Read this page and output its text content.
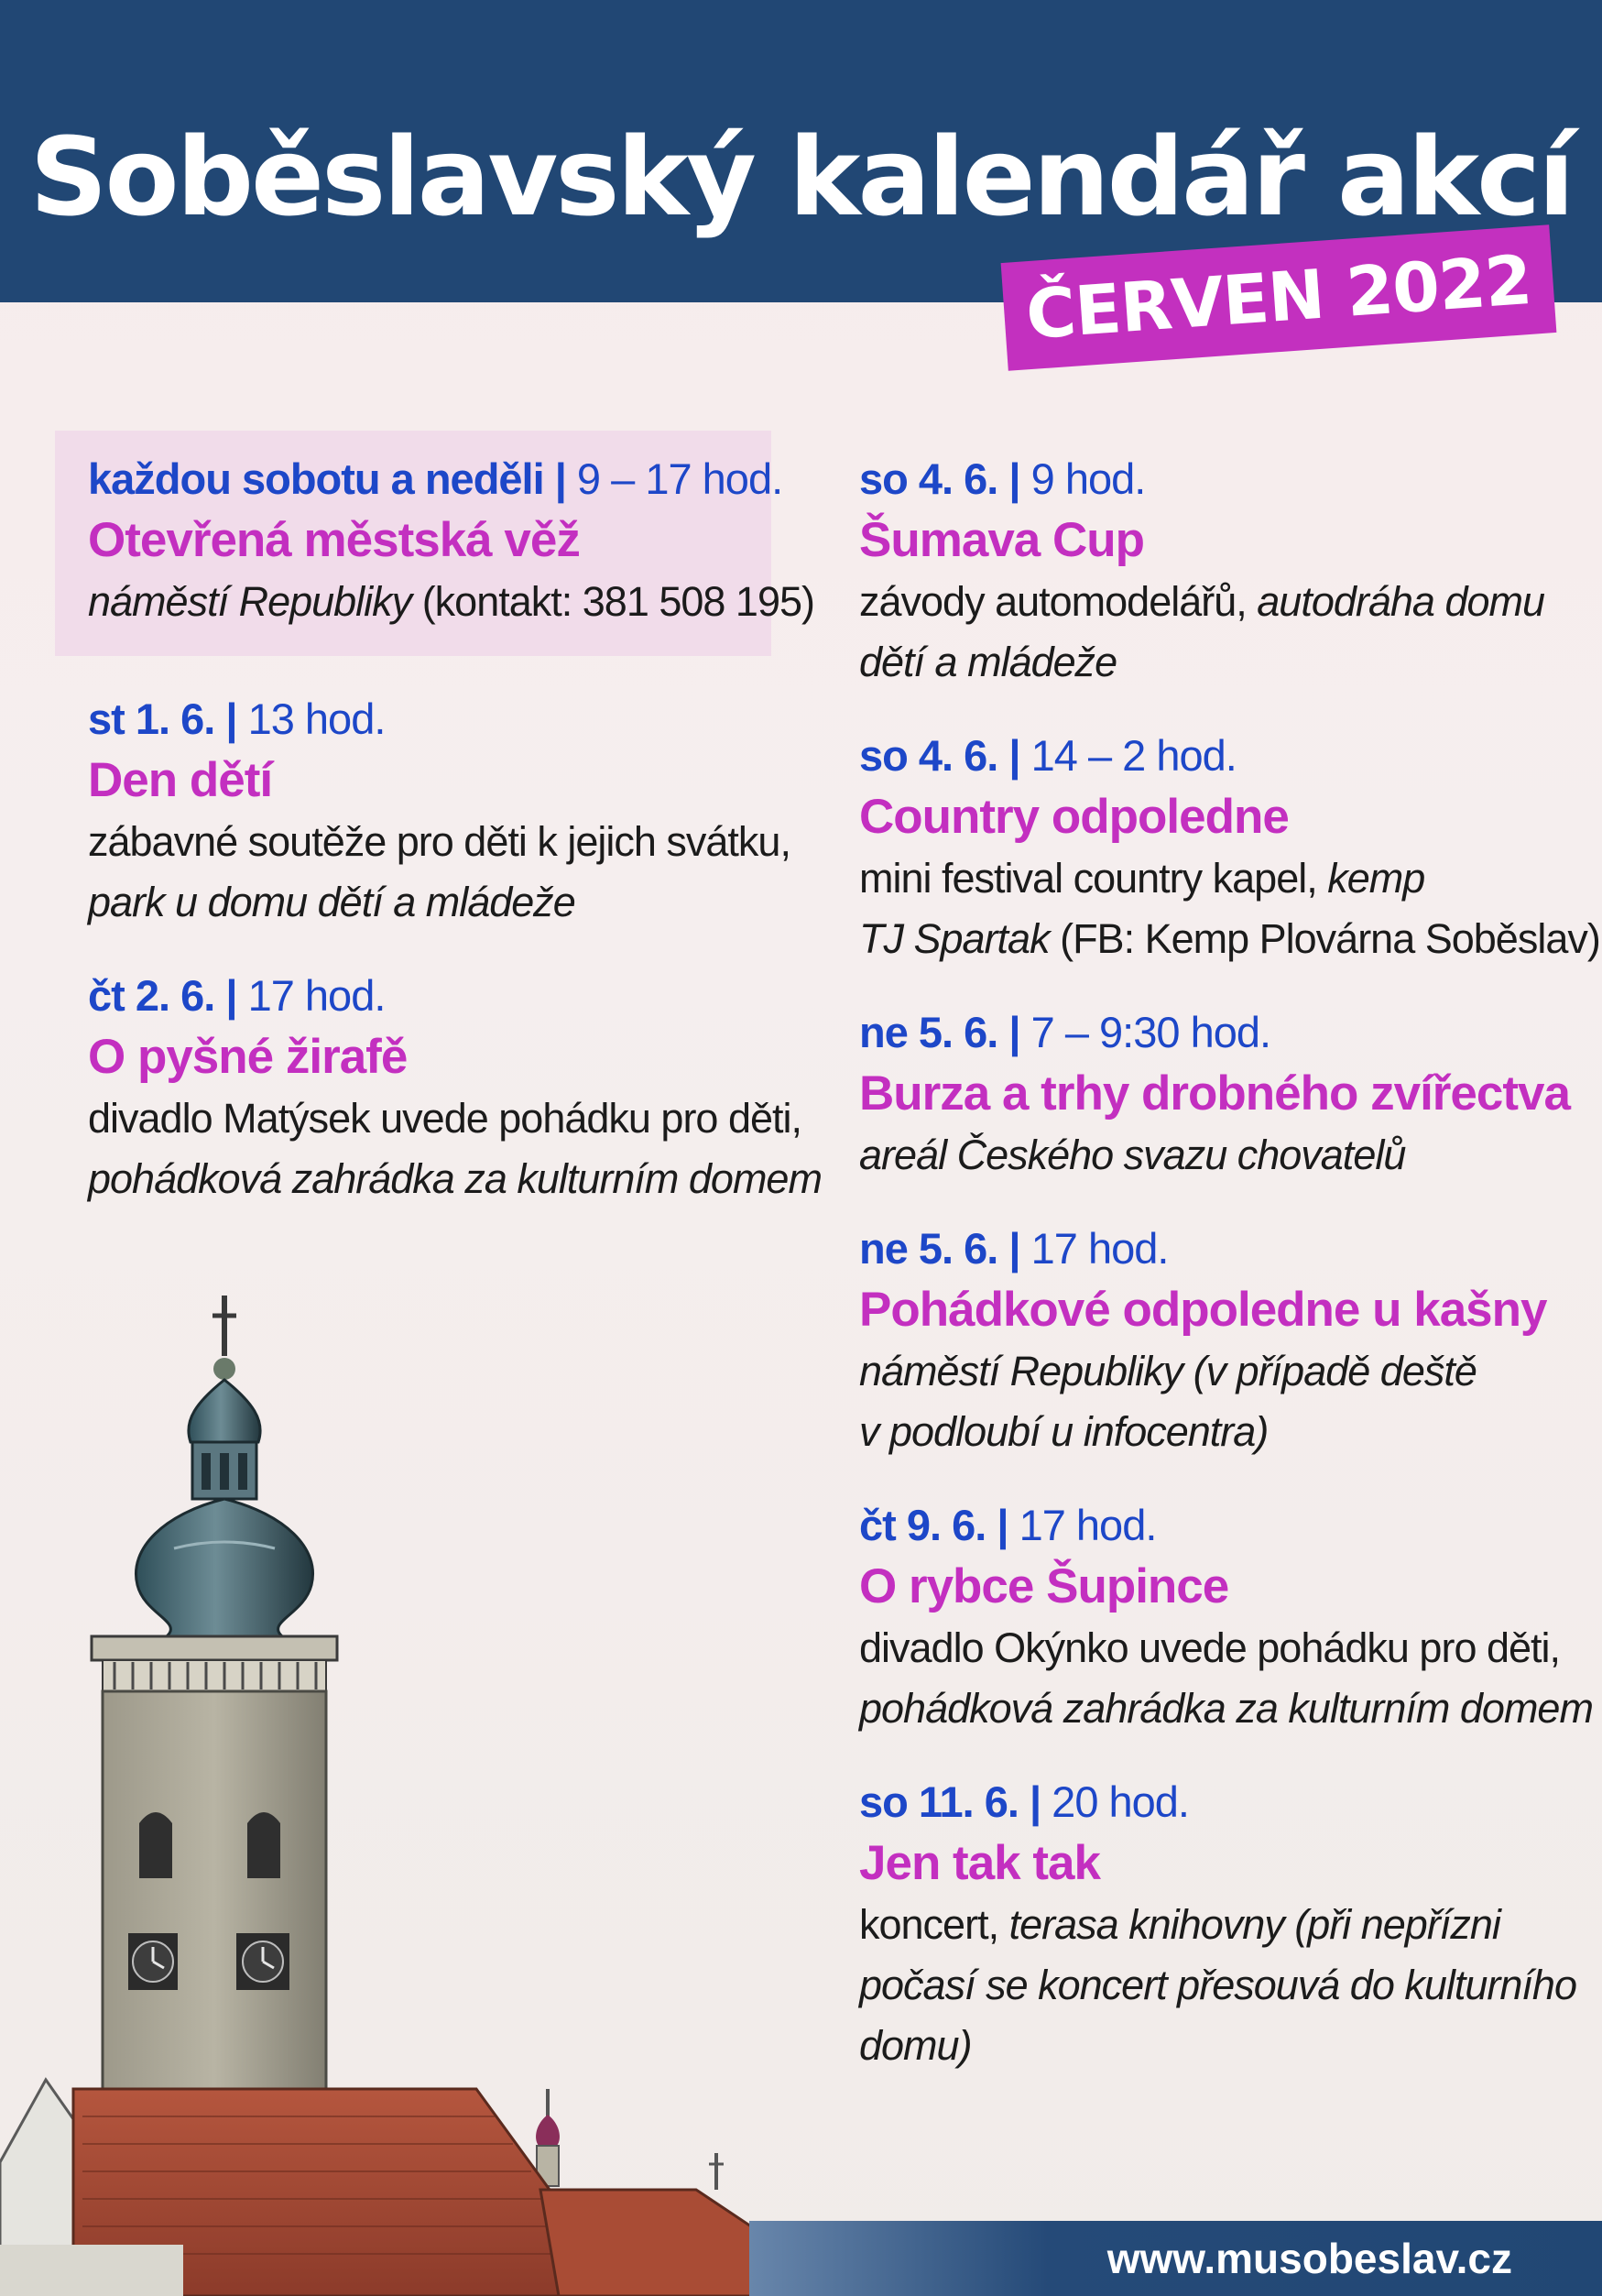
Soběslavský kalendář akcí
ČERVEN 2022
každou sobotu a neděli | 9 – 17 hod.
Otevřená městská věž
náměstí Republiky (kontakt: 381 508 195)
st 1. 6. | 13 hod.
Den dětí
zábavné soutěže pro děti k jejich svátku,
park u domu dětí a mládeže
čt 2. 6. | 17 hod.
O pyšné žirafě
divadlo Matýsek uvede pohádku pro děti,
pohádková zahrádka za kulturním domem
so 4. 6. | 9 hod.
Šumava Cup
závody automodelářů, autodráha domu
dětí a mládeže
so 4. 6. | 14 – 2 hod.
Country odpoledne
mini festival country kapel, kemp
TJ Spartak (FB: Kemp Plovárna Soběslav)
ne 5. 6. | 7 – 9:30 hod.
Burza a trhy drobného zvířectva
areál Českého svazu chovatelů
ne 5. 6. | 17 hod.
Pohádkové odpoledne u kašny
náměstí Republiky (v případě deště
v podloubí u infocentra)
čt 9. 6. | 17 hod.
O rybce Šupince
divadlo Okýnko uvede pohádku pro děti,
pohádková zahrádka za kulturním domem
so 11. 6. | 20 hod.
Jen tak tak
koncert, terasa knihovny (při nepřízni
počasí se koncert přesouvá do kulturního
domu)
www.musobeslav.cz
